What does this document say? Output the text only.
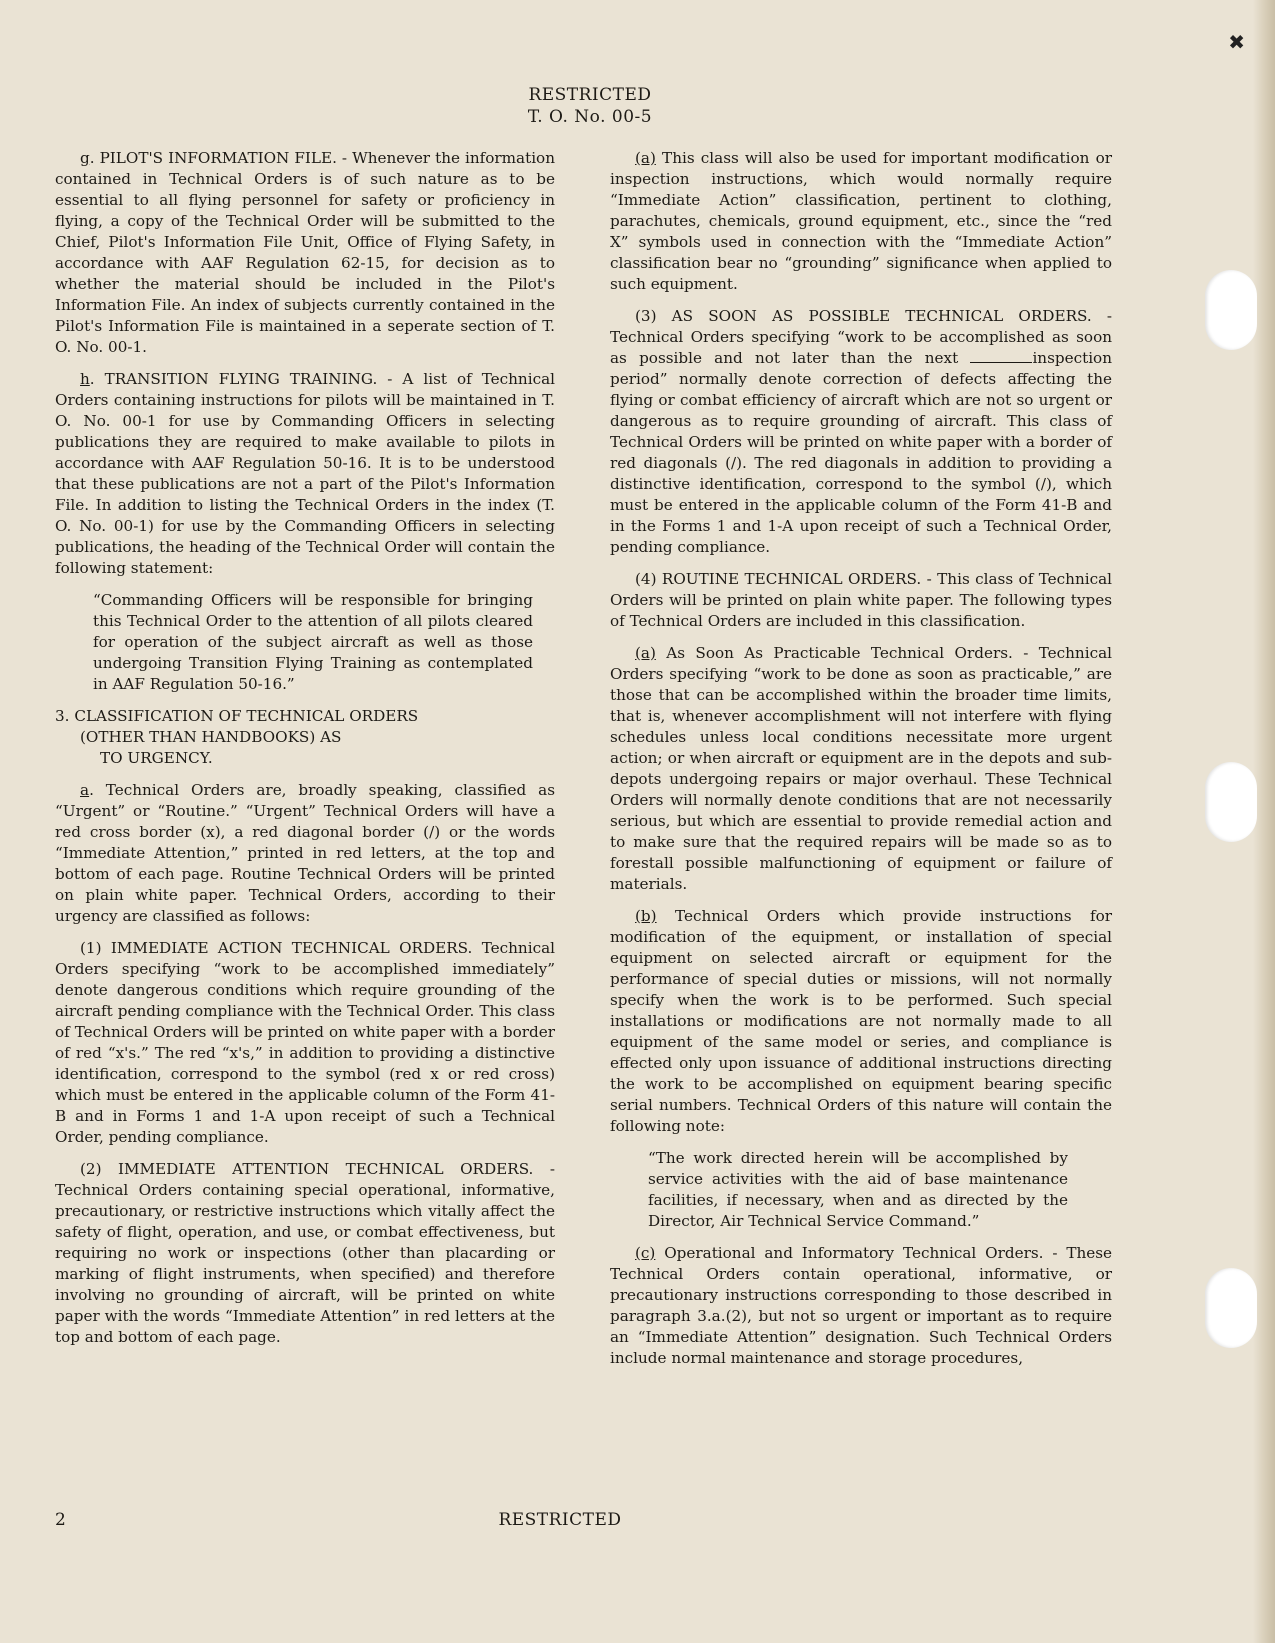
✖
RESTRICTED
T. O. No. 00-5

g. PILOT'S INFORMATION FILE. - Whenever the information contained in Technical Orders is of such nature as to be essential to all flying personnel for safety or proficiency in flying, a copy of the Technical Order will be submitted to the Chief, Pilot's Information File Unit, Office of Flying Safety, in accordance with AAF Regulation 62-15, for decision as to whether the material should be included in the Pilot's Information File. An index of subjects currently contained in the Pilot's Information File is maintained in a seperate section of T. O. No. 00-1.

h. TRANSITION FLYING TRAINING. - A list of Technical Orders containing instructions for pilots will be maintained in T. O. No. 00-1 for use by Commanding Officers in selecting publications they are required to make available to pilots in accordance with AAF Regulation 50-16. It is to be understood that these publications are not a part of the Pilot's Information File. In addition to listing the Technical Orders in the index (T. O. No. 00-1) for use by the Commanding Officers in selecting publications, the heading of the Technical Order will contain the following statement:

“Commanding Officers will be responsible for bringing this Technical Order to the attention of all pilots cleared for operation of the subject aircraft as well as those undergoing Transition Flying Training as contemplated in AAF Regulation 50-16.”

3. CLASSIFICATION OF TECHNICAL ORDERS
(OTHER THAN HANDBOOKS) AS
TO URGENCY.

a. Technical Orders are, broadly speaking, classified as “Urgent” or “Routine.” “Urgent” Technical Orders will have a red cross border (x), a red diagonal border (/) or the words “Immediate Attention,” printed in red letters, at the top and bottom of each page. Routine Technical Orders will be printed on plain white paper. Technical Orders, according to their urgency are classified as follows:

(1) IMMEDIATE ACTION TECHNICAL ORDERS. Technical Orders specifying “work to be accomplished immediately” denote dangerous conditions which require grounding of the aircraft pending compliance with the Technical Order. This class of Technical Orders will be printed on white paper with a border of red “x's.” The red “x's,” in addition to providing a distinctive identification, correspond to the symbol (red x or red cross) which must be entered in the applicable column of the Form 41-B and in Forms 1 and 1-A upon receipt of such a Technical Order, pending compliance.

(2) IMMEDIATE ATTENTION TECHNICAL ORDERS. - Technical Orders containing special operational, informative, precautionary, or restrictive instructions which vitally affect the safety of flight, operation, and use, or combat effectiveness, but requiring no work or inspections (other than placarding or marking of flight instruments, when specified) and therefore involving no grounding of aircraft, will be printed on white paper with the words “Immediate Attention” in red letters at the top and bottom of each page.

(a) This class will also be used for important modification or inspection instructions, which would normally require “Immediate Action” classification, pertinent to clothing, parachutes, chemicals, ground equipment, etc., since the “red X” symbols used in connection with the “Immediate Action” classification bear no “grounding” significance when applied to such equipment.

(3) AS SOON AS POSSIBLE TECHNICAL ORDERS. - Technical Orders specifying “work to be accomplished as soon as possible and not later than the next	inspection period” normally denote correction of defects affecting the flying or combat efficiency of aircraft which are not so urgent or dangerous as to require grounding of aircraft. This class of Technical Orders will be printed on white paper with a border of red diagonals (/). The red diagonals in addition to providing a distinctive identification, correspond to the symbol (/), which must be entered in the applicable column of the Form 41-B and in the Forms 1 and 1-A upon receipt of such a Technical Order, pending compliance.

(4) ROUTINE TECHNICAL ORDERS. - This class of Technical Orders will be printed on plain white paper. The following types of Technical Orders are included in this classification.

(a) As Soon As Practicable Technical Orders. - Technical Orders specifying “work to be done as soon as practicable,” are those that can be accomplished within the broader time limits, that is, whenever accomplishment will not interfere with flying schedules unless local conditions necessitate more urgent action; or when aircraft or equipment are in the depots and sub-depots undergoing repairs or major overhaul. These Technical Orders will normally denote conditions that are not necessarily serious, but which are essential to provide remedial action and to make sure that the required repairs will be made so as to forestall possible malfunctioning of equipment or failure of materials.

(b) Technical Orders which provide instructions for modification of the equipment, or installation of special equipment on selected aircraft or equipment for the performance of special duties or missions, will not normally specify when the work is to be performed. Such special installations or modifications are not normally made to all equipment of the same model or series, and compliance is effected only upon issuance of additional instructions directing the work to be accomplished on equipment bearing specific serial numbers. Technical Orders of this nature will contain the following note:

“The work directed herein will be accomplished by service activities with the aid of base maintenance facilities, if necessary, when and as directed by the Director, Air Technical Service Command.”

(c) Operational and Informatory Technical Orders. - These Technical Orders contain operational, informative, or precautionary instructions corresponding to those described in paragraph 3.a.(2), but not so urgent or important as to require an “Immediate Attention” designation. Such Technical Orders include normal maintenance and storage procedures,

2	RESTRICTED
